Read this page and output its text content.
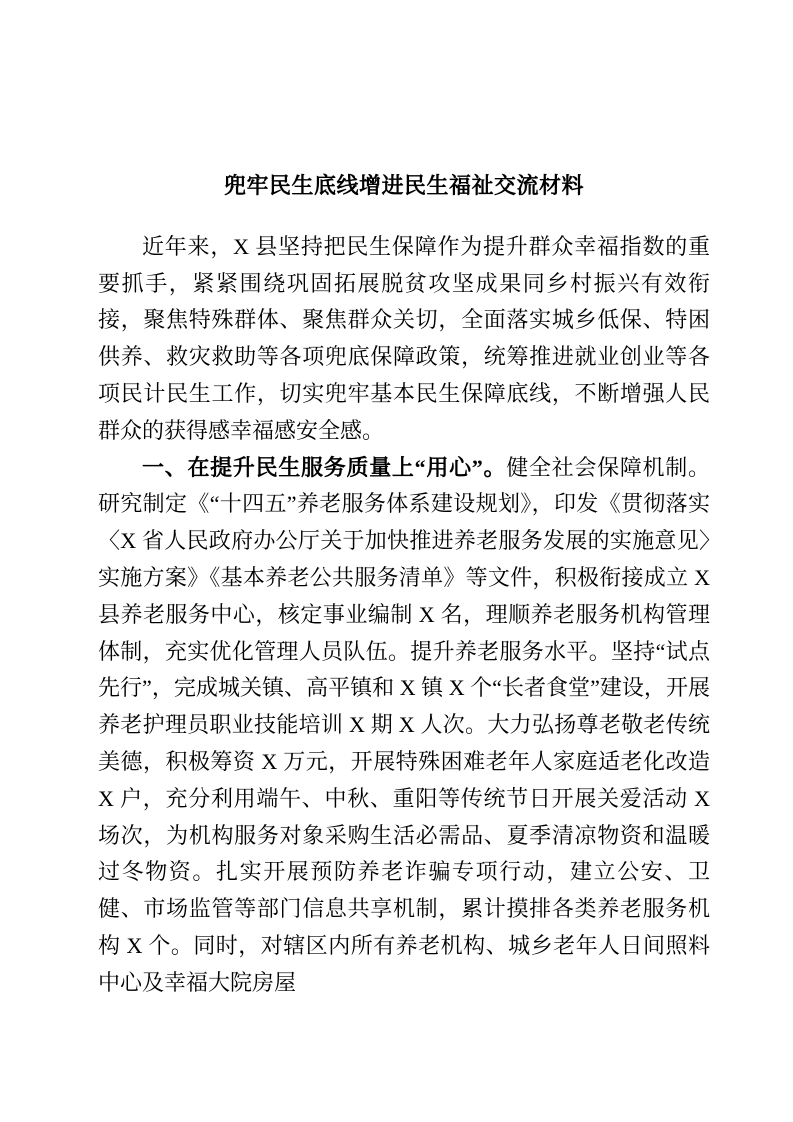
兜牢民生底线增进民生福祉交流材料

近年来，X 县坚持把民生保障作为提升群众幸福指数的重要抓手，紧紧围绕巩固拓展脱贫攻坚成果同乡村振兴有效衔接，聚焦特殊群体、聚焦群众关切，全面落实城乡低保、特困供养、救灾救助等各项兜底保障政策，统筹推进就业创业等各项民计民生工作，切实兜牢基本民生保障底线，不断增强人民群众的获得感幸福感安全感。

一、在提升民生服务质量上“用心”。健全社会保障机制。研究制定《“十四五”养老服务体系建设规划》，印发《贯彻落实〈X 省人民政府办公厅关于加快推进养老服务发展的实施意见〉实施方案》《基本养老公共服务清单》等文件，积极衔接成立 X 县养老服务中心，核定事业编制 X 名，理顺养老服务机构管理体制，充实优化管理人员队伍。提升养老服务水平。坚持“试点先行”，完成城关镇、高平镇和 X 镇 X 个“长者食堂”建设，开展养老护理员职业技能培训 X 期 X 人次。大力弘扬尊老敬老传统美德，积极筹资 X 万元，开展特殊困难老年人家庭适老化改造 X 户，充分利用端午、中秋、重阳等传统节日开展关爱活动 X 场次，为机构服务对象采购生活必需品、夏季清凉物资和温暖过冬物资。扎实开展预防养老诈骗专项行动，建立公安、卫健、市场监管等部门信息共享机制，累计摸排各类养老服务机构 X 个。同时，对辖区内所有养老机构、城乡老年人日间照料中心及幸福大院房屋
